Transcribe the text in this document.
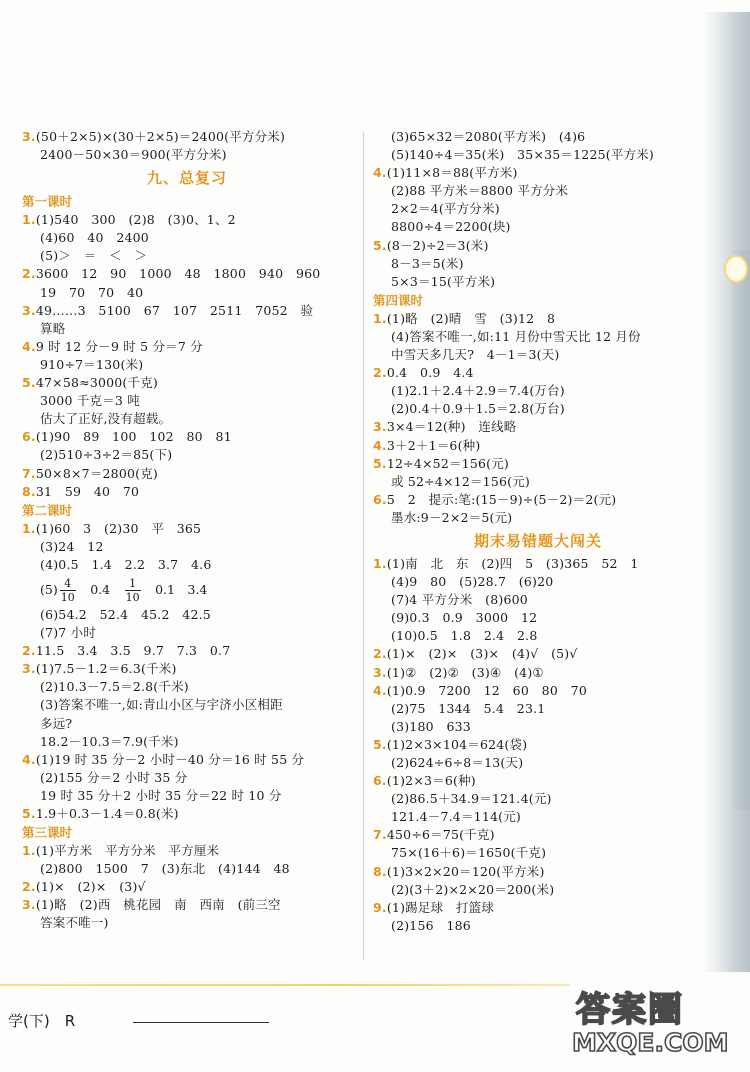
3.(50＋2×5)×(30＋2×5)＝2400(平方分米)
2400－50×30＝900(平方分米)
九、总复习
第一课时
1.(1)540　300　(2)8　(3)0、1、2
(4)60　40　2400
(5)＞　＝　＜　＞
2.3600　12　90　1000　48　1800　940　960
19　70　70　40
3.49……3　5100　67　107　2511　7052　验
算略
4.9 时 12 分－9 时 5 分＝7 分
910÷7＝130(米)
5.47×58≈3000(千克)
3000 千克＝3 吨
估大了正好,没有超载。
6.(1)90　89　100　102　80　81
(2)510÷3÷2＝85(下)
7.50×8×7＝2800(克)
8.31　59　40　70
第二课时
1.(1)60　3　(2)30　平　365
(3)24　12
(4)0.5　1.4　2.2　3.7　4.6
$(5) \frac{4}{10}$ 　0.4　 $\frac{1}{10}$ 　0.1　3.4
(6)54.2　52.4　45.2　42.5
(7)7 小时
2.11.5　3.4　3.5　9.7　7.3　0.7
3.(1)7.5－1.2＝6.3(千米)
(2)10.3－7.5＝2.8(千米)
(3)答案不唯一,如:青山小区与宇济小区相距
多远?
18.2－10.3＝7.9(千米)
4.(1)19 时 35 分－2 小时－40 分＝16 时 55 分
(2)155 分＝2 小时 35 分
19 时 35 分＋2 小时 35 分＝22 时 10 分
5.1.9＋0.3－1.4＝0.8(米)
第三课时
1.(1)平方米　平方分米　平方厘米
(2)800　1500　7　(3)东北　(4)144　48
2.(1)×　(2)×　(3)√
3.(1)略　(2)西　桃花园　南　西南　(前三空
答案不唯一)
(3)65×32＝2080(平方米)　(4)6
(5)140÷4＝35(米)　35×35＝1225(平方米)
4.(1)11×8＝88(平方米)
(2)88 平方米＝8800 平方分米
2×2＝4(平方分米)
8800÷4＝2200(块)
5.(8－2)÷2＝3(米)
8－3＝5(米)
5×3＝15(平方米)
第四课时
1.(1)略　(2)晴　雪　(3)12　8
(4)答案不唯一,如:11 月份中雪天比 12 月份
中雪天多几天?　4－1＝3(天)
2.0.4　0.9　4.4
(1)2.1＋2.4＋2.9＝7.4(万台)
(2)0.4＋0.9＋1.5＝2.8(万台)
3.3×4＝12(种)　连线略
4.3＋2＋1＝6(种)
5.12÷4×52＝156(元)
或 52÷4×12＝156(元)
6.5　2　提示:笔:(15－9)÷(5－2)＝2(元)
墨水:9－2×2＝5(元)
期末易错题大闯关
1.(1)南　北　东　(2)四　5　(3)365　52　1
(4)9　80　(5)28.7　(6)20
(7)4 平方分米　(8)600
(9)0.3　0.9　3000　12
(10)0.5　1.8　2.4　2.8
2.(1)×　(2)×　(3)×　(4)√　(5)√
3.(1)②　(2)②　(3)④　(4)①
4.(1)0.9　7200　12　60　80　70
(2)75　1344　5.4　23.1
(3)180　633
5.(1)2×3×104＝624(袋)
(2)624÷6÷8＝13(天)
6.(1)2×3＝6(种)
(2)86.5＋34.9＝121.4(元)
121.4－7.4＝114(元)
7.450÷6＝75(千克)
75×(16＋6)＝1650(千克)
8.(1)3×2×20＝120(平方米)
(2)(3＋2)×2×20＝200(米)
9.(1)踢足球　打篮球
(2)156　186
学(下)　R	答案圈
MXQE.COM
